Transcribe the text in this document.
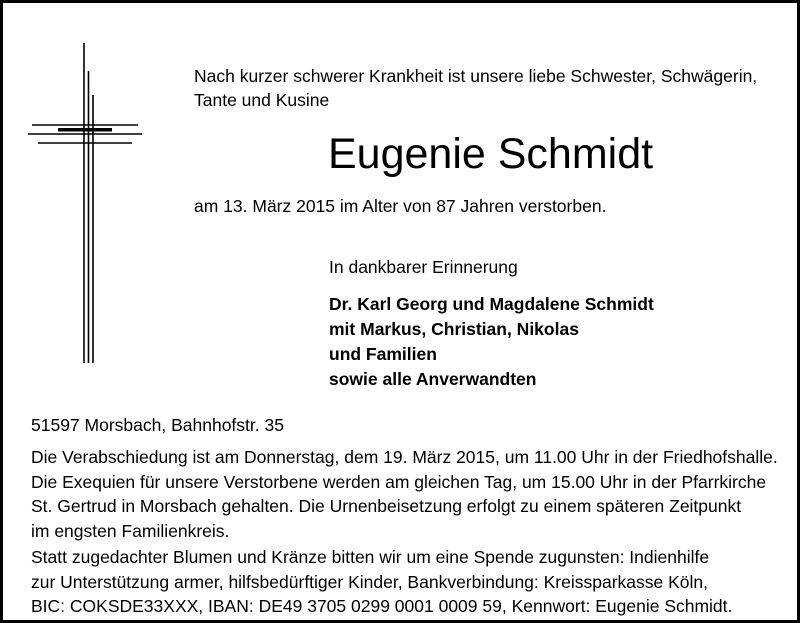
Nach kurzer schwerer Krankheit ist unsere liebe Schwester, Schwägerin,
Tante und Kusine
Eugenie Schmidt

am 13. März 2015 im Alter von 87 Jahren verstorben.

In dankbarer Erinnerung

Dr. Karl Georg und Magdalene Schmidt
mit Markus, Christian, Nikolas
und Familien
sowie alle Anverwandten

51597 Morsbach, Bahnhofstr. 35

Die Verabschiedung ist am Donnerstag, dem 19. März 2015, um 11.00 Uhr in der Friedhofshalle.
Die Exequien für unsere Verstorbene werden am gleichen Tag, um 15.00 Uhr in der Pfarrkirche
St. Gertrud in Morsbach gehalten. Die Urnenbeisetzung erfolgt zu einem späteren Zeitpunkt
im engsten Familienkreis.
Statt zugedachter Blumen und Kränze bitten wir um eine Spende zugunsten: Indienhilfe
zur Unterstützung armer, hilfsbedürftiger Kinder, Bankverbindung: Kreissparkasse Köln,
BIC: COKSDE33XXX, IBAN: DE49 3705 0299 0001 0009 59, Kennwort: Eugenie Schmidt.
